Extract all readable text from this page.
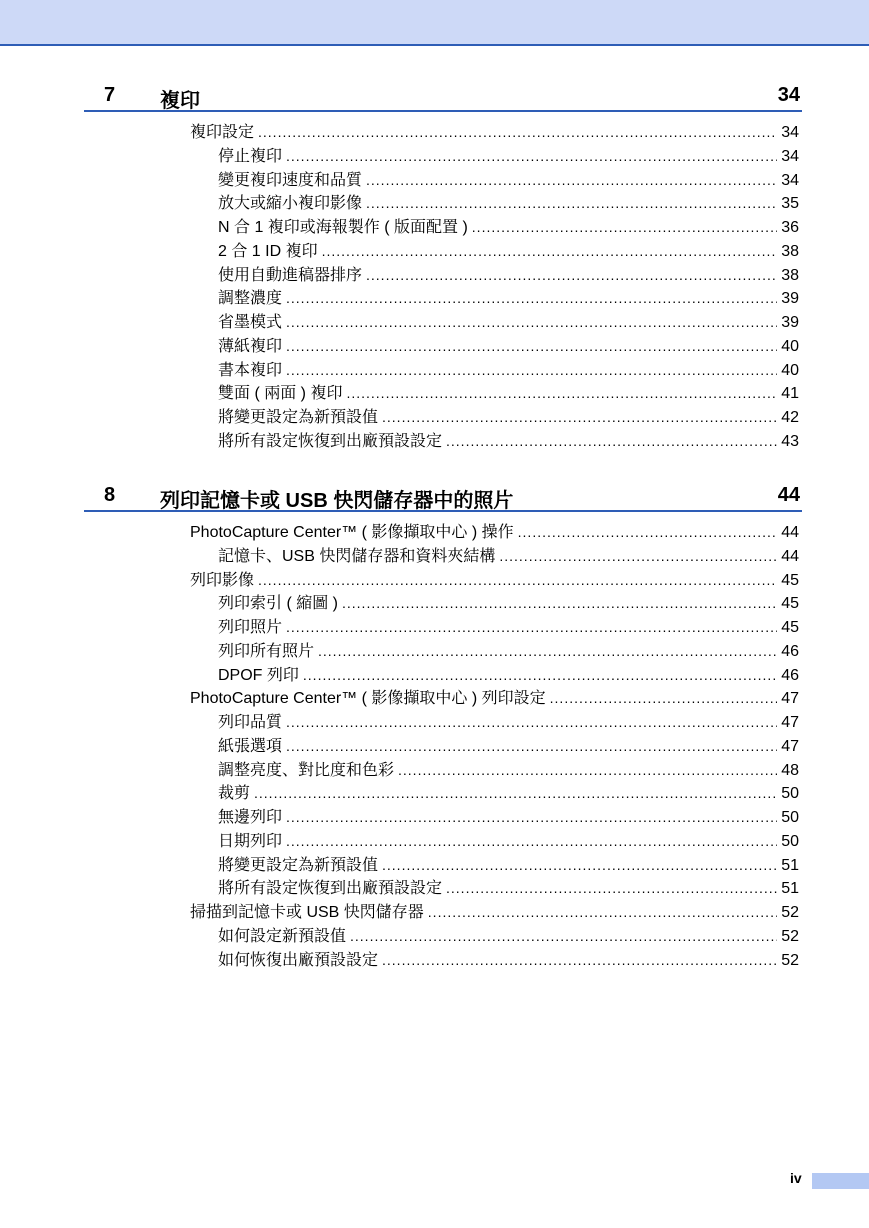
7 複印	34
複印設定 .....	34
停止複印 .....	34
變更複印速度和品質 .....	34
放大或縮小複印影像 .....	35
N 合 1 複印或海報製作 ( 版面配置 ) .....	36
2 合 1 ID 複印 .....	38
使用自動進稿器排序 .....	38
調整濃度 .....	39
省墨模式 .....	39
薄紙複印 .....	40
書本複印 .....	40
雙面 ( 兩面 ) 複印 .....	41
將變更設定為新預設值 .....	42
將所有設定恢復到出廠預設設定 .....	43
8 列印記憶卡或 USB 快閃儲存器中的照片	44
PhotoCapture Center™ ( 影像擷取中心 ) 操作 .....	44
記憶卡、USB 快閃儲存器和資料夾結構 .....	44
列印影像 .....	45
列印索引 ( 縮圖 ) .....	45
列印照片 .....	45
列印所有照片 .....	46
DPOF 列印 .....	46
PhotoCapture Center™ ( 影像擷取中心 ) 列印設定 .....	47
列印品質 .....	47
紙張選項 .....	47
調整亮度、對比度和色彩 .....	48
裁剪 .....	50
無邊列印 .....	50
日期列印 .....	50
將變更設定為新預設值 .....	51
將所有設定恢復到出廠預設設定 .....	51
掃描到記憶卡或 USB 快閃儲存器 .....	52
如何設定新預設值 .....	52
如何恢復出廠預設設定 .....	52
iv
